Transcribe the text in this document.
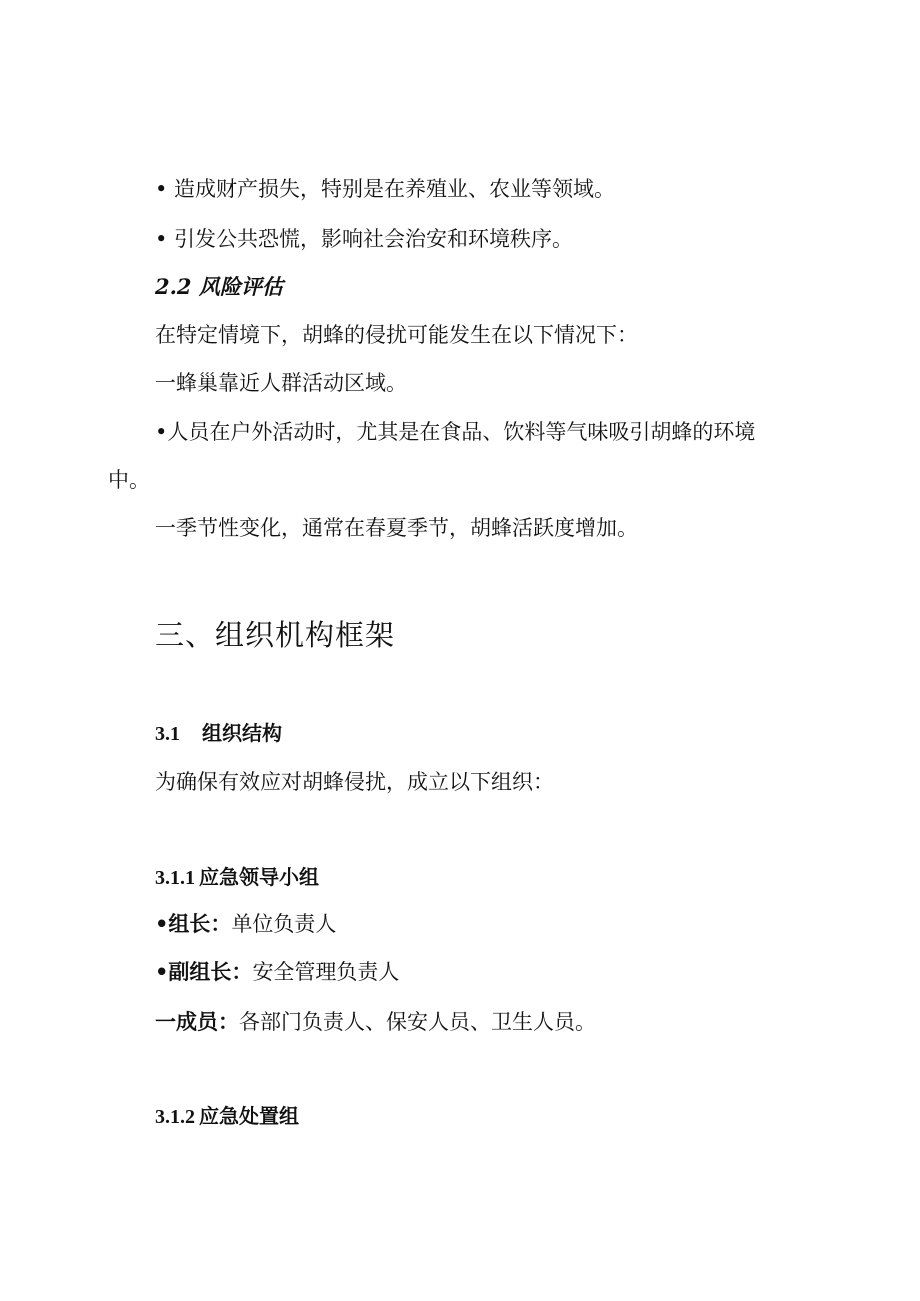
• 造成财产损失，特别是在养殖业、农业等领域。

• 引发公共恐慌，影响社会治安和环境秩序。

2.2 风险评估

在特定情境下，胡蜂的侵扰可能发生在以下情况下：

一蜂巢靠近人群活动区域。

•人员在户外活动时，尤其是在食品、饮料等气味吸引胡蜂的环境

中。

一季节性变化，通常在春夏季节，胡蜂活跃度增加。

三、组织机构框架

3.1 组织结构

为确保有效应对胡蜂侵扰，成立以下组织：

3.1.1 应急领导小组

•组长：单位负责人

•副组长：安全管理负责人

一成员：各部门负责人、保安人员、卫生人员。

3.1.2 应急处置组
